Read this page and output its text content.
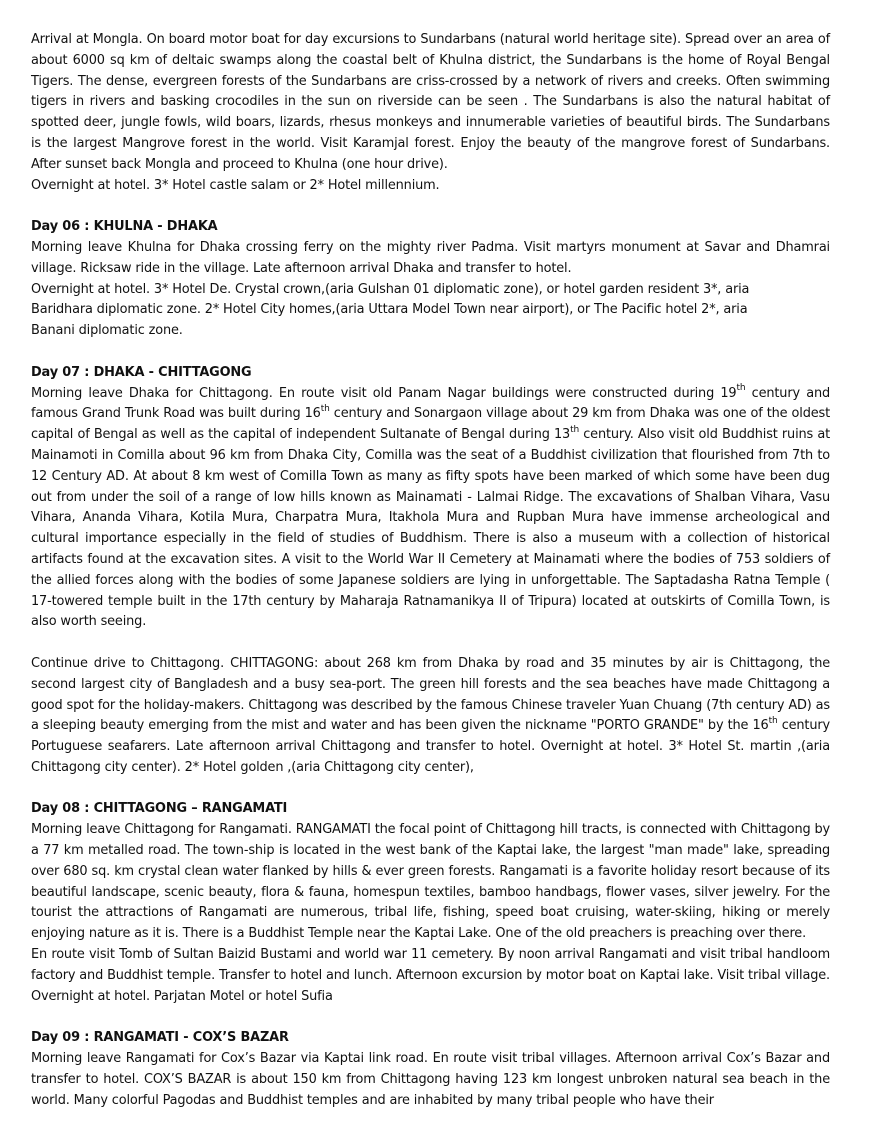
Arrival at Mongla. On board motor boat for day excursions to Sundarbans (natural world heritage site). Spread over an area of about 6000 sq km of deltaic swamps along the coastal belt of Khulna district, the Sundarbans is the home of Royal Bengal Tigers. The dense, evergreen forests of the Sundarbans are criss-crossed by a network of rivers and creeks. Often swimming tigers in rivers and basking crocodiles in the sun on riverside can be seen . The Sundarbans is also the natural habitat of spotted deer, jungle fowls, wild boars, lizards, rhesus monkeys and innumerable varieties of beautiful birds. The Sundarbans is the largest Mangrove forest in the world. Visit Karamjal forest. Enjoy the beauty of the mangrove forest of Sundarbans. After sunset back Mongla and proceed to Khulna (one hour drive).

Overnight at hotel. 3* Hotel castle salam or 2* Hotel millennium.

Day 06 : KHULNA - DHAKA

Morning leave Khulna for Dhaka crossing ferry on the mighty river Padma. Visit martyrs monument at Savar and Dhamrai village. Ricksaw ride in the village. Late afternoon arrival Dhaka and transfer to hotel.

Overnight at hotel. 3* Hotel De. Crystal crown,(aria Gulshan 01 diplomatic zone), or hotel garden resident 3*, aria
Baridhara diplomatic zone. 2* Hotel City homes,(aria Uttara Model Town near airport), or The Pacific hotel 2*, aria
Banani diplomatic zone.

Day 07 : DHAKA - CHITTAGONG

Morning leave Dhaka for Chittagong. En route visit old Panam Nagar buildings were constructed during 19th century and famous Grand Trunk Road was built during 16th century and Sonargaon village about 29 km from Dhaka was one of the oldest capital of Bengal as well as the capital of independent Sultanate of Bengal during 13th century. Also visit old Buddhist ruins at Mainamoti in Comilla about 96 km from Dhaka City, Comilla was the seat of a Buddhist civilization that flourished from 7th to 12 Century AD. At about 8 km west of Comilla Town as many as fifty spots have been marked of which some have been dug out from under the soil of a range of low hills known as Mainamati - Lalmai Ridge. The excavations of Shalban Vihara, Vasu Vihara, Ananda Vihara, Kotila Mura, Charpatra Mura, Itakhola Mura and Rupban Mura have immense archeological and cultural importance especially in the field of studies of Buddhism. There is also a museum with a collection of historical artifacts found at the excavation sites. A visit to the World War II Cemetery at Mainamati where the bodies of 753 soldiers of the allied forces along with the bodies of some Japanese soldiers are lying in unforgettable. The Saptadasha Ratna Temple ( 17-towered temple built in the 17th century by Maharaja Ratnamanikya II of Tripura) located at outskirts of Comilla Town, is also worth seeing.

Continue drive to Chittagong. CHITTAGONG: about 268 km from Dhaka by road and 35 minutes by air is Chittagong, the second largest city of Bangladesh and a busy sea-port. The green hill forests and the sea beaches have made Chittagong a good spot for the holiday-makers. Chittagong was described by the famous Chinese traveler Yuan Chuang (7th century AD) as a sleeping beauty emerging from the mist and water and has been given the nickname "PORTO GRANDE" by the 16th century Portuguese seafarers. Late afternoon arrival Chittagong and transfer to hotel. Overnight at hotel. 3* Hotel St. martin ,(aria Chittagong city center). 2* Hotel golden ,(aria Chittagong city center),

Day 08 : CHITTAGONG – RANGAMATI

Morning leave Chittagong for Rangamati. RANGAMATI the focal point of Chittagong hill tracts, is connected with Chittagong by a 77 km metalled road. The town-ship is located in the west bank of the Kaptai lake, the largest "man made" lake, spreading over 680 sq. km crystal clean water flanked by hills & ever green forests. Rangamati is a favorite holiday resort because of its beautiful landscape, scenic beauty, flora & fauna, homespun textiles, bamboo handbags, flower vases, silver jewelry. For the tourist the attractions of Rangamati are numerous, tribal life, fishing, speed boat cruising, water-skiing, hiking or merely enjoying nature as it is. There is a Buddhist Temple near the Kaptai Lake. One of the old preachers is preaching over there.

En route visit Tomb of Sultan Baizid Bustami and world war 11 cemetery. By noon arrival Rangamati and visit tribal handloom factory and Buddhist temple. Transfer to hotel and lunch. Afternoon excursion by motor boat on Kaptai lake. Visit tribal village. Overnight at hotel. Parjatan Motel or hotel Sufia

Day 09 : RANGAMATI - COX’S BAZAR

Morning leave Rangamati for Cox’s Bazar via Kaptai link road. En route visit tribal villages. Afternoon arrival Cox’s Bazar and transfer to hotel. COX’S BAZAR is about 150 km from Chittagong having 123 km longest unbroken natural sea beach in the world. Many colorful Pagodas and Buddhist temples and are inhabited by many tribal people who have their
